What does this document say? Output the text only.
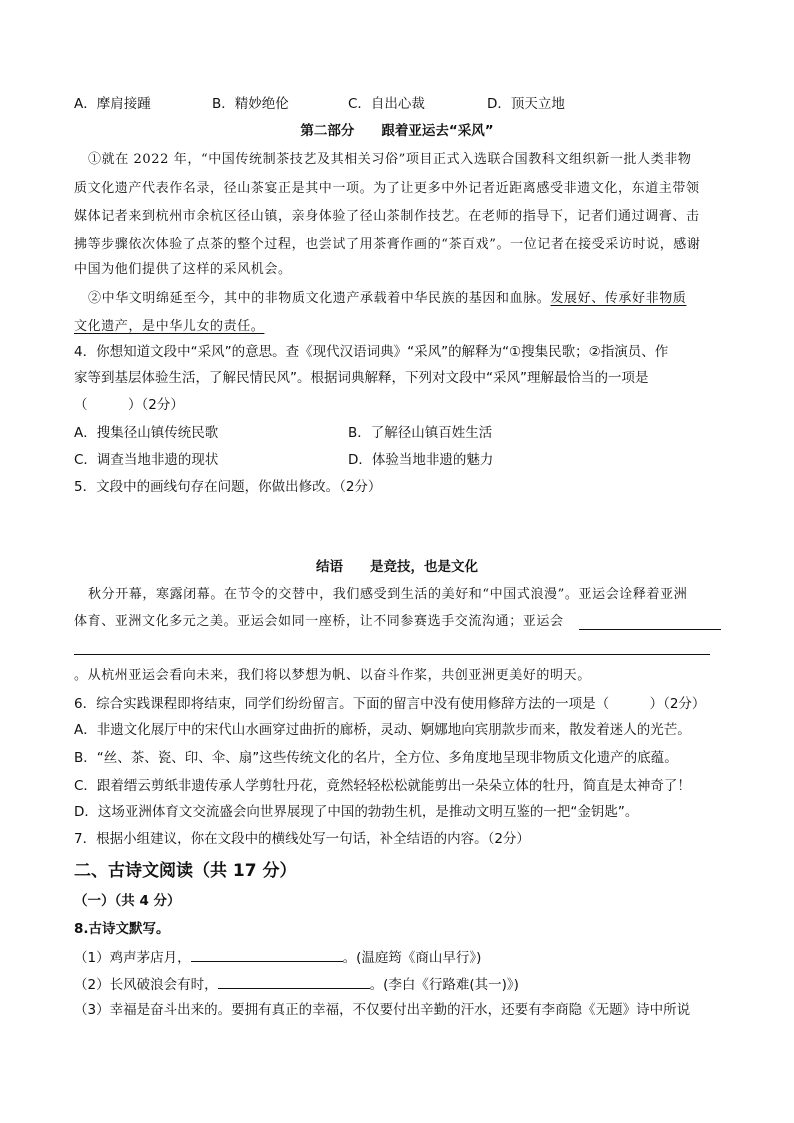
A．摩肩接踵	B．精妙绝伦	C．自出心裁	D．顶天立地
第二部分　　跟着亚运去“采风”
①就在 2022 年，“中国传统制茶技艺及其相关习俗”项目正式入选联合国教科文组织新一批人类非物
质文化遗产代表作名录，径山茶宴正是其中一项。为了让更多中外记者近距离感受非遗文化，东道主带领
媒体记者来到杭州市余杭区径山镇，亲身体验了径山茶制作技艺。在老师的指导下，记者们通过调膏、击
拂等步骤依次体验了点茶的整个过程，也尝试了用茶膏作画的“茶百戏”。一位记者在接受采访时说，感谢
中国为他们提供了这样的采风机会。
②中华文明绵延至今，其中的非物质文化遗产承载着中华民族的基因和血脉。发展好、传承好非物质
文化遗产，是中华儿女的责任。
4．你想知道文段中“采风”的意思。查《现代汉语词典》“采风”的解释为“①搜集民歌；②指演员、作
家等到基层体验生活，了解民情民风”。根据词典解释，下列对文段中“采风”理解最恰当的一项是
（　　　）（2分）
A．搜集径山镇传统民歌	B．了解径山镇百姓生活
C．调查当地非遗的现状	D．体验当地非遗的魅力
5．文段中的画线句存在问题，你做出修改。（2分）
结语　　是竞技，也是文化
秋分开幕，寒露闭幕。在节令的交替中，我们感受到生活的美好和“中国式浪漫”。亚运会诠释着亚洲
体育、亚洲文化多元之美。亚运会如同一座桥，让不同参赛选手交流沟通；亚运会
。从杭州亚运会看向未来，我们将以梦想为帆、以奋斗作桨，共创亚洲更美好的明天。
6．综合实践课程即将结束，同学们纷纷留言。下面的留言中没有使用修辞方法的一项是（　　　）（2分）
A．非遗文化展厅中的宋代山水画穿过曲折的廊桥，灵动、婀娜地向宾朋款步而来，散发着迷人的光芒。
B．“丝、茶、瓷、印、伞、扇”这些传统文化的名片，全方位、多角度地呈现非物质文化遗产的底蕴。
C．跟着缙云剪纸非遗传承人学剪牡丹花，竟然轻轻松松就能剪出一朵朵立体的牡丹，简直是太神奇了！
D．这场亚洲体育文交流盛会向世界展现了中国的勃勃生机，是推动文明互鉴的一把“金钥匙”。
7．根据小组建议，你在文段中的横线处写一句话，补全结语的内容。（2分）
二、古诗文阅读（共 17 分）
（一）（共 4 分）
8.古诗文默写。
（1）鸡声茅店月，	。(温庭筠《商山早行》)
（2）长风破浪会有时，	。(李白《行路难(其一)》)
（3）幸福是奋斗出来的。要拥有真正的幸福，不仅要付出辛勤的汗水，还要有李商隐《无题》诗中所说
